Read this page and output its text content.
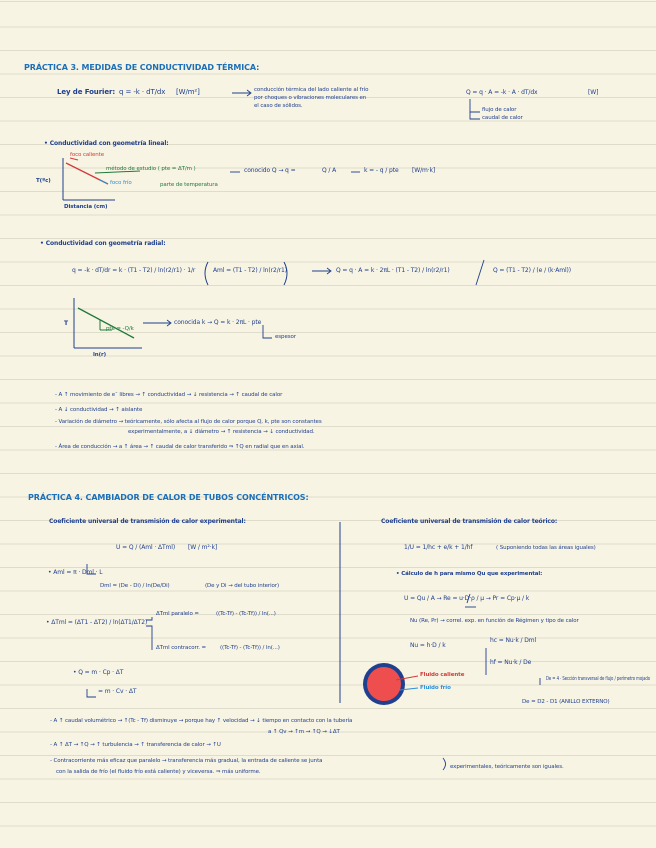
PRÁCTICA 3. MEDIDAS DE CONDUCTIVIDAD TÉRMICA:
Ley de Fourier: q = -k · dT/dx [W/m²]	conducción térmica del lado caliente al frío
por choques o vibraciones moleculares en
el caso de sólidos.
Q = q · A = -k · A · dT/dx	[W]
flujo de calor
caudal de calor
• Conductividad con geometría lineal:
foco caliente
método de estudio ( pte = ΔT/m )
foco frío	parte de temperatura
T(ºc)
Distancia (cm)
conocido Q → q =	Q / A	k = - q / pte [W/m·k]
• Conductividad con geometría radial:
q = -k · dT/dr = k · (T1 - T2) / ln(r2/r1) · 1/r	Aml = (T1 - T2) / ln(r2/r1)	Q = q · A = k · 2πL · (T1 - T2) / ln(r2/r1)	Q = (T1 - T2) / (e / (k·Aml))
T
ln(r)
pte = -Q/k
conocida k → Q = k · 2πL · pte
espesor
- A ↑ movimiento de eˉ libres → ↑ conductividad → ↓ resistencia → ↑ caudal de calor
- A ↓ conductividad → ↑ aislante
- Variación de diámetro → teóricamente, sólo afecta al flujo de calor porque Q, k, pte son constantes
experimentalmente, a ↓ diámetro → ↑ resistencia → ↓ conductividad.
- Área de conducción → a ↑ área → ↑ caudal de calor transferido ⇒ ↑Q en radial que en axial.
PRÁCTICA 4. CAMBIADOR DE CALOR DE TUBOS CONCÉNTRICOS:
Coeficiente universal de transmisión de calor experimental:
U = Q / (Aml · ΔTml) [W / m²·k]
• Aml = π · Dml · L
Dml = (De - Di) / ln(De/Di)	(De y Di → del tubo interior)
• ΔTml = (ΔT1 - ΔT2) / ln(ΔT1/ΔT2)
ΔTml paralelo =	((Tc-Tf) - (Tc-Tf)) / ln(...)
ΔTml contracorr. =	((Tc-Tf) - (Tc-Tf)) / ln(...)
• Q = m · Cp · ΔT
= m · Cv · ΔT
Coeficiente universal de transmisión de calor teórico:
1/U = 1/hc + e/k + 1/hf	( Suponiendo todas las áreas iguales)
• Cálculo de h para mismo Qu que experimental:
U = Qu / A → Re = u·D·ρ / μ → Pr = Cp·μ / k
Nu (Re, Pr) → correl. exp. en función de Régimen y tipo de calor
Nu = h·D / k
hc = Nu·k / Dml
hf = Nu·k / De
De = 4 · Sección transversal de flujo / perímetro mojado
De = D2 - D1 (ANILLO EXTERNO)
Fluido caliente
Fluido frío
- A ↑ caudal volumétrico → ↑(Tc - Tf) disminuye → porque hay ↑ velocidad → ↓ tiempo en contacto con la tubería
a ↑ Qv → ↑m → ↑Q → ↓ΔT
- A ↑ ΔT → ↑Q → ↑ turbulencia → ↑ transferencia de calor → ↑U
- Contracorriente más eficaz que paralelo → transferencia más gradual, la entrada de caliente se junta
con la salida de frío (el fluido frío está caliente) y viceversa. ⇒ más uniforme.
experimentales, teóricamente son iguales.
